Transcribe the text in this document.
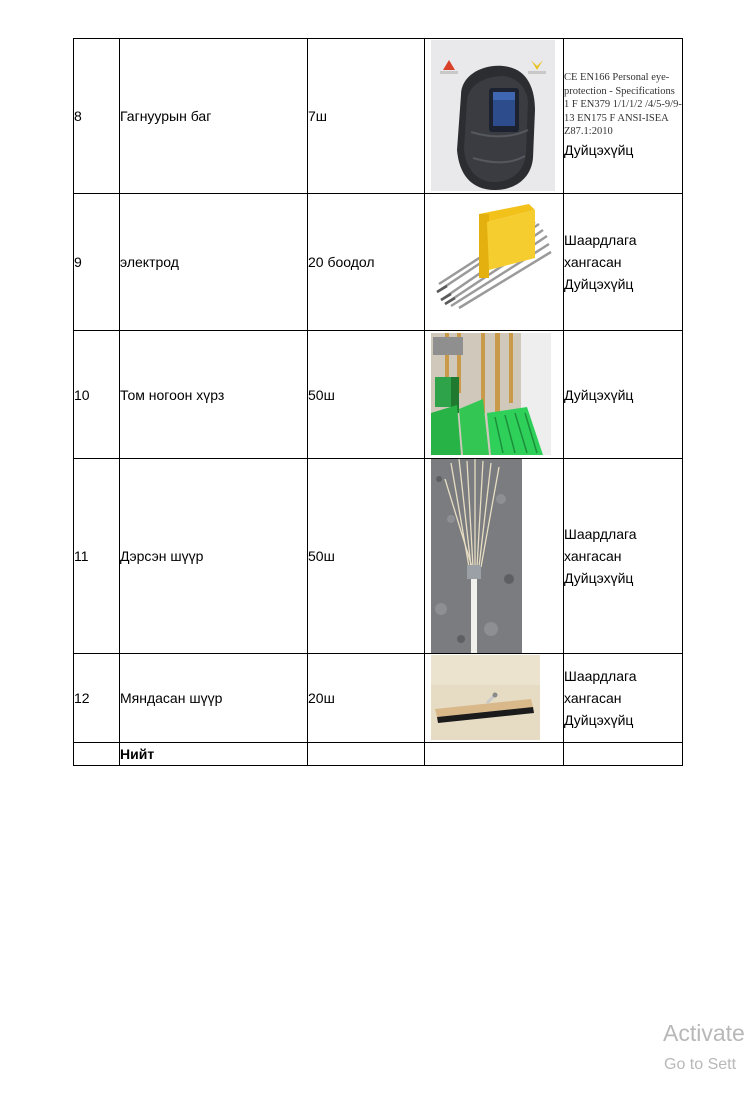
8	Гагнуурын баг	7ш		CE EN166 Personal eye-protection - Specifications 1 F EN379 1/1/1/2 /4/5-9/9-13 EN175 F ANSI-ISEA Z87.1:2010
Дуйцэхүйц

9	электрод	20 боодол		Шаардлага
хангасан
Дуйцэхүйц

10	Том ногоон хүрз	50ш		Дуйцэхүйц

11	Дэрсэн шүүр	50ш		Шаардлага
хангасан
Дуйцэхүйц

12	Мяндасан шүүр	20ш		Шаардлага
хангасан
Дуйцэхүйц

	Нийт			
Activate
Go to Sett
